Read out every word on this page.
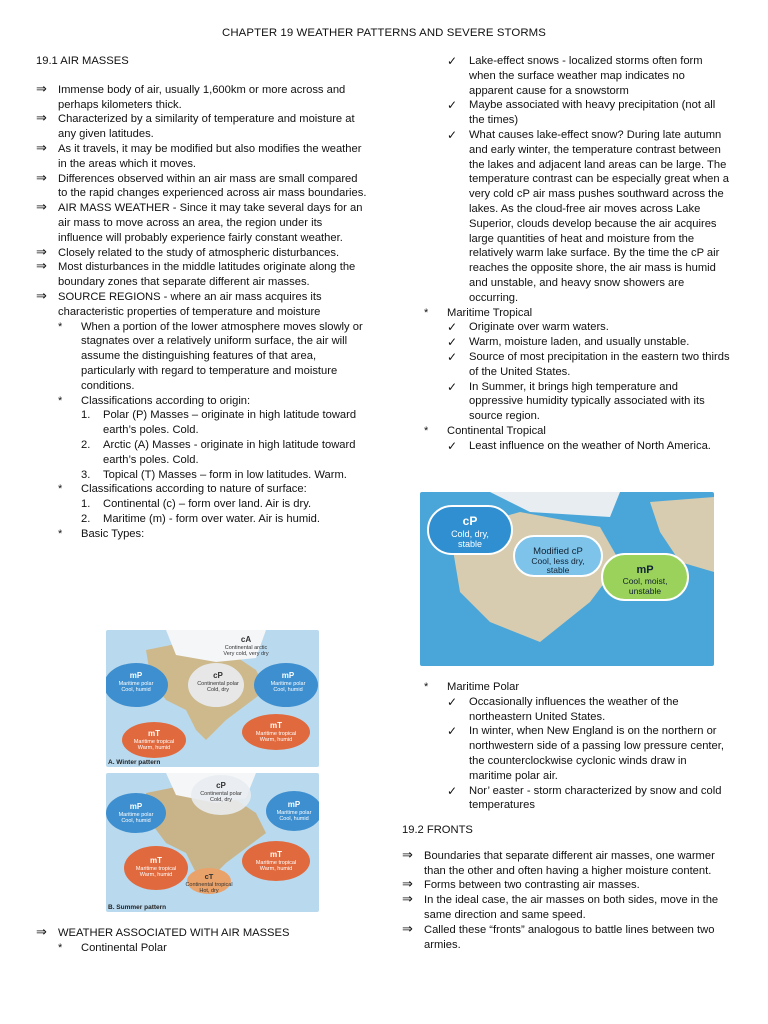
CHAPTER 19 WEATHER PATTERNS AND SEVERE STORMS
19.1 AIR MASSES
⇒ Immense body of air, usually 1,600km or more across and perhaps kilometers thick.
⇒ Characterized by a similarity of temperature and moisture at any given latitudes.
⇒ As it travels, it may be modified but also modifies the weather in the areas which it moves.
⇒ Differences observed within an air mass are small compared to the rapid changes experienced across air mass boundaries.
⇒ AIR MASS WEATHER - Since it may take several days for an air mass to move across an area, the region under its influence will probably experience fairly constant weather.
⇒ Closely related to the study of atmospheric disturbances.
⇒ Most disturbances in the middle latitudes originate along the boundary zones that separate different air masses.
⇒ SOURCE REGIONS - where an air mass acquires its characteristic properties of temperature and moisture
* When a portion of the lower atmosphere moves slowly or stagnates over a relatively uniform surface, the air will assume the distinguishing features of that area, particularly with regard to temperature and moisture conditions.
* Classifications according to origin:
1. Polar (P) Masses – originate in high latitude toward earth’s poles. Cold.
2. Arctic (A) Masses - originate in high latitude toward earth’s poles. Cold.
3. Topical (T) Masses – form in low latitudes. Warm.
* Classifications according to nature of surface:
1. Continental (c) – form over land. Air is dry.
2. Maritime (m) - form over water. Air is humid.
* Basic Types:
cA
Continental arctic
Very cold, very dry
cP
Continental polar
Cold, dry
mP
Maritime polar
Cool, humid
mP
Maritime polar
Cool, humid
mT
Maritime tropical
Warm, humid
mT
Maritime tropical
Warm, humid
A. Winter pattern
cP
Continental polar
Cold, dry
mP
Maritime polar
Cool, humid
mP
Maritime polar
Cool, humid
mT
Maritime tropical
Warm, humid
mT
Maritime tropical
Warm, humid
cT
Continental tropical
Hot, dry
B. Summer pattern
⇒ WEATHER ASSOCIATED WITH AIR MASSES
* Continental Polar
✓ Lake-effect snows - localized storms often form when the surface weather map indicates no apparent cause for a snowstorm
✓ Maybe associated with heavy precipitation (not all the times)
✓ What causes lake-effect snow? During late autumn and early winter, the temperature contrast between the lakes and adjacent land areas can be large. The temperature contrast can be especially great when a very cold cP air mass pushes southward across the lakes. As the cloud-free air moves across Lake Superior, clouds develop because the air acquires large quantities of heat and moisture from the relatively warm lake surface. By the time the cP air reaches the opposite shore, the air mass is humid and unstable, and heavy snow showers are occurring.
* Maritime Tropical
✓ Originate over warm waters.
✓ Warm, moisture laden, and usually unstable.
✓ Source of most precipitation in the eastern two thirds of the United States.
✓ In Summer, it brings high temperature and oppressive humidity typically associated with its source region.
* Continental Tropical
✓ Least influence on the weather of North America.
cP
Cold, dry,
stable
Modified cP
Cool, less dry,
stable	mP
Cool, moist,
unstable
* Maritime Polar
✓ Occasionally influences the weather of the northeastern United States.
✓ In winter, when New England is on the northern or northwestern side of a passing low pressure center, the counterclockwise cyclonic winds draw in maritime polar air.
✓ Nor’ easter - storm characterized by snow and cold temperatures
19.2 FRONTS
⇒ Boundaries that separate different air masses, one warmer than the other and often having a higher moisture content.
⇒ Forms between two contrasting air masses.
⇒ In the ideal case, the air masses on both sides, move in the same direction and same speed.
⇒ Called these “fronts” analogous to battle lines between two armies.
